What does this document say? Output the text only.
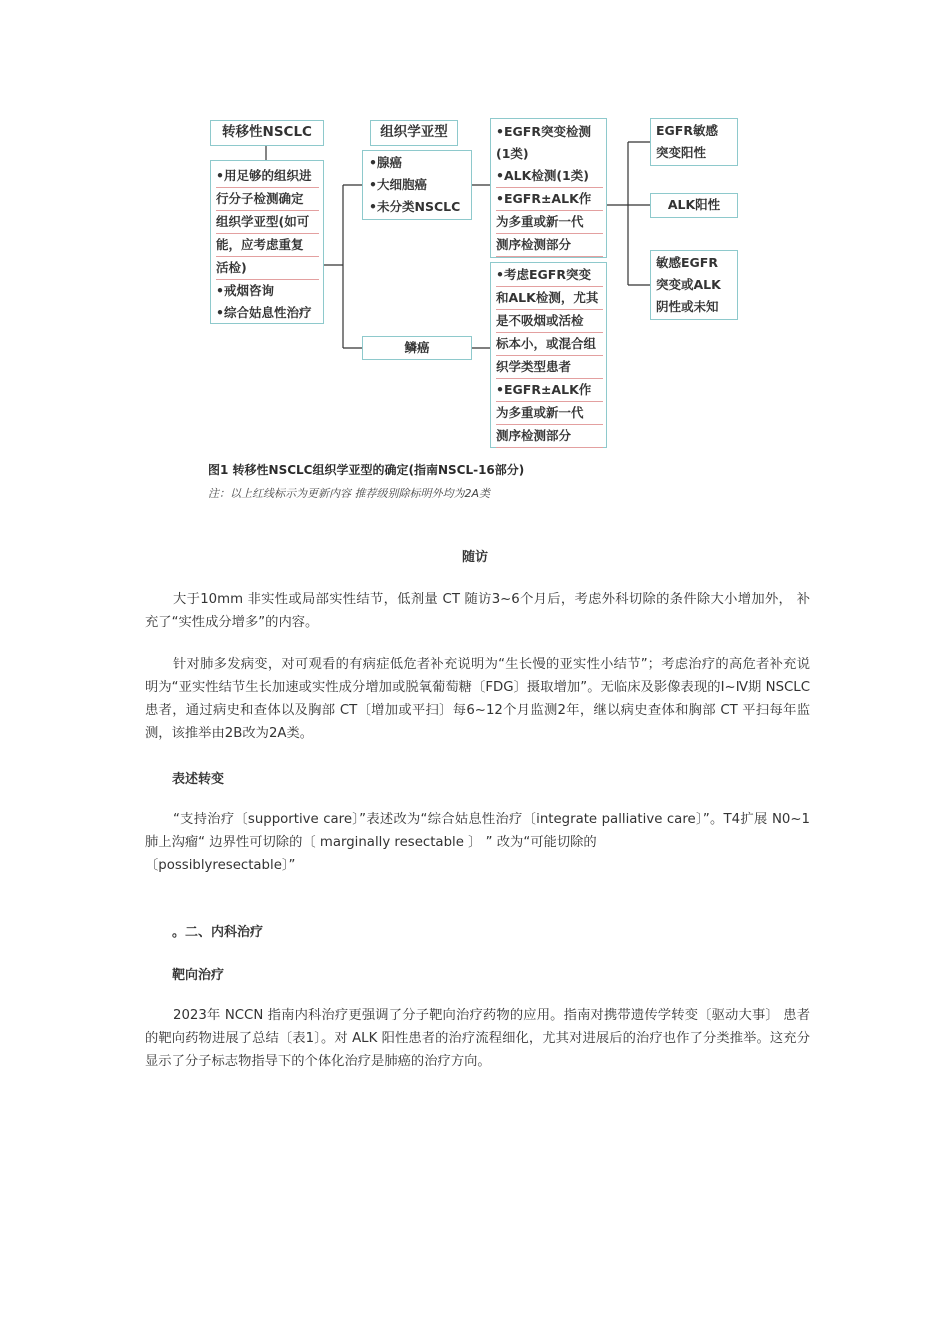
转移性NSCLC
•用足够的组织进
行分子检测确定
组织学亚型(如可
能，应考虑重复
活检)
•戒烟咨询
•综合姑息性治疗
组织学亚型
•腺癌
•大细胞癌
•未分类NSCLC
鳞癌
•EGFR突变检测
(1类)
•ALK检测(1类)
•EGFR±ALK作
为多重或新一代
测序检测部分
•考虑EGFR突变
和ALK检测，尤其
是不吸烟或活检
标本小，或混合组
织学类型患者
•EGFR±ALK作
为多重或新一代
测序检测部分
EGFR敏感
突变阳性
ALK阳性
敏感EGFR
突变或ALK
阴性或未知
图1 转移性NSCLC组织学亚型的确定(指南NSCL-16部分)
注：以上红线标示为更新内容 推荐级别除标明外均为2A类
随访

大于10mm 非实性或局部实性结节，低剂量 CT 随访3~6个月后，考虑外科切除的条件除大小增加外， 补充了“实性成分增多”的内容。

针对肺多发病变，对可观看的有病症低危者补充说明为“生长慢的亚实性小结节”；考虑治疗的高危者补充说明为“亚实性结节生长加速或实性成分增加或脱氧葡萄糖〔FDG〕摄取增加”。无临床及影像表现的Ⅰ~Ⅳ期 NSCLC 患者，通过病史和查体以及胸部 CT〔增加或平扫〕每6~12个月监测2年，继以病史查体和胸部 CT 平扫每年监测，该推举由2B改为2A类。

表述转变

“支持治疗〔supportive care〕”表述改为“综合姑息性治疗〔integrate palliative care〕”。T4扩展 N0~1肺上沟瘤“ 边界性可切除的〔 marginally resectable 〕 ” 改为“可能切除的

〔possiblyresectable〕”

。二、内科治疗
靶向治疗

2023年 NCCN 指南内科治疗更强调了分子靶向治疗药物的应用。指南对携带遗传学转变〔驱动大事〕 患者的靶向药物进展了总结〔表1〕。对 ALK 阳性患者的治疗流程细化，尤其对进展后的治疗也作了分类推举。这充分显示了分子标志物指导下的个体化治疗是肺癌的治疗方向。
